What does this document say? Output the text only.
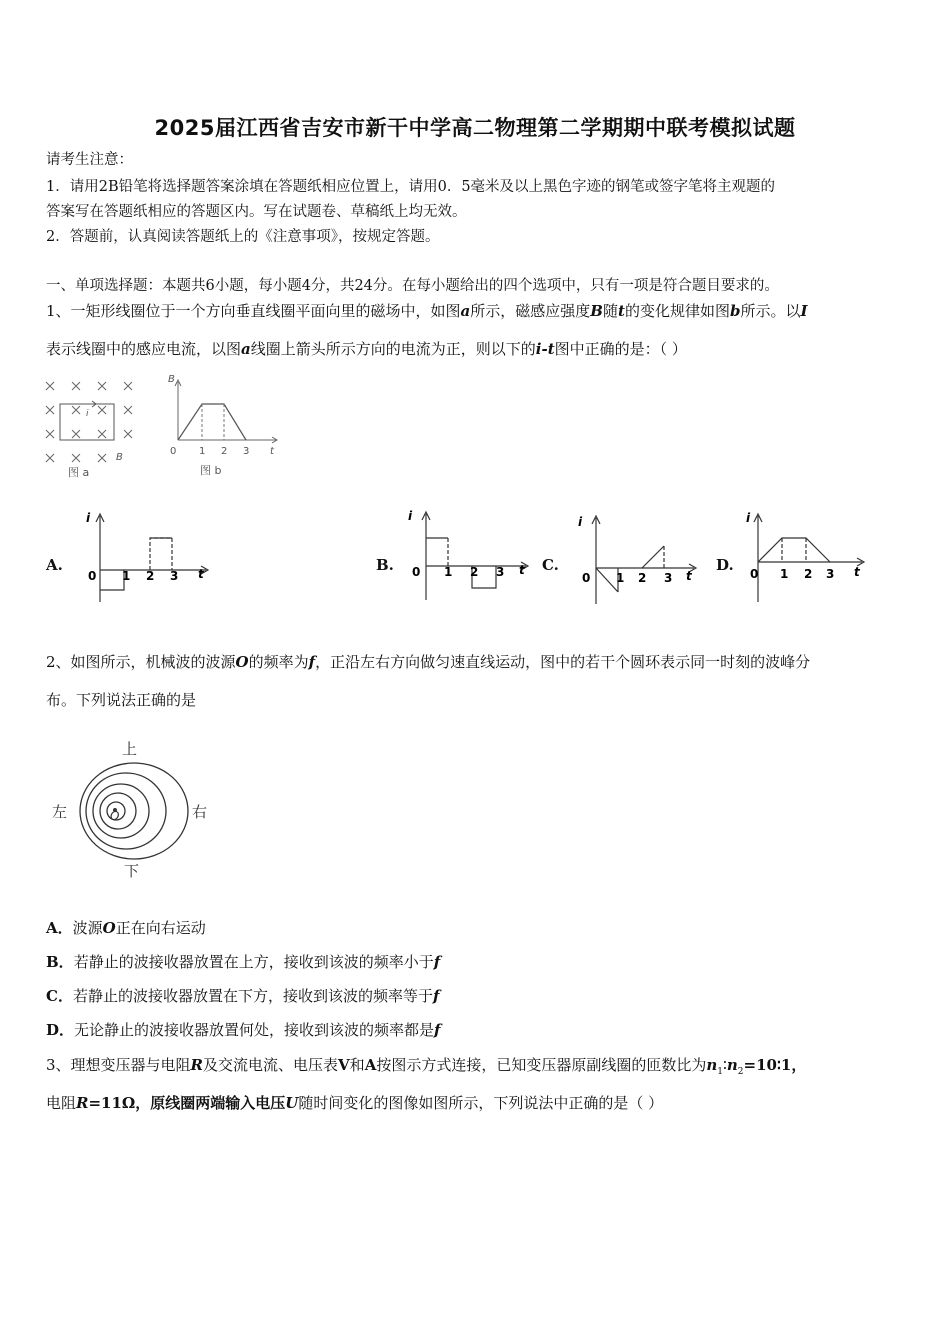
2025届江西省吉安市新干中学高二物理第二学期期中联考模拟试题
请考生注意：
1．请用2B铅笔将选择题答案涂填在答题纸相应位置上，请用0．5毫米及以上黑色字迹的钢笔或签字笔将主观题的
答案写在答题纸相应的答题区内。写在试题卷、草稿纸上均无效。
2．答题前，认真阅读答题纸上的《注意事项》，按规定答题。
一、单项选择题：本题共6小题，每小题4分，共24分。在每小题给出的四个选项中，只有一项是符合题目要求的。
1、一矩形线圈位于一个方向垂直线圈平面向里的磁场中，如图a所示，磁感应强度B随t的变化规律如图b所示。以I
表示线圈中的感应电流，以图a线圈上箭头所示方向的电流为正，则以下的i-t图中正确的是：（ ）
i
B
图 a
B
t
0 1 2 3
图 b
A.
i
t
0 1 2 3
B.
i
t
0 1 2 3	C.
i
t
0 1 2 3
D.
i
t
0 1 2 3
2、如图所示，机械波的波源O的频率为f，正沿左右方向做匀速直线运动，图中的若干个圆环表示同一时刻的波峰分
布。下列说法正确的是
上
下
左	右
O
A．波源O正在向右运动
B．若静止的波接收器放置在上方，接收到该波的频率小于f
C．若静止的波接收器放置在下方，接收到该波的频率等于f
D．无论静止的波接收器放置何处，接收到该波的频率都是f
3、理想变压器与电阻R及交流电流、电压表V和A按图示方式连接，已知变压器原副线圈的匝数比为$n_1∶n_2=10∶1$，
电阻R=11Ω，原线圈两端输入电压U随时间变化的图像如图所示，下列说法中正确的是（ ）
